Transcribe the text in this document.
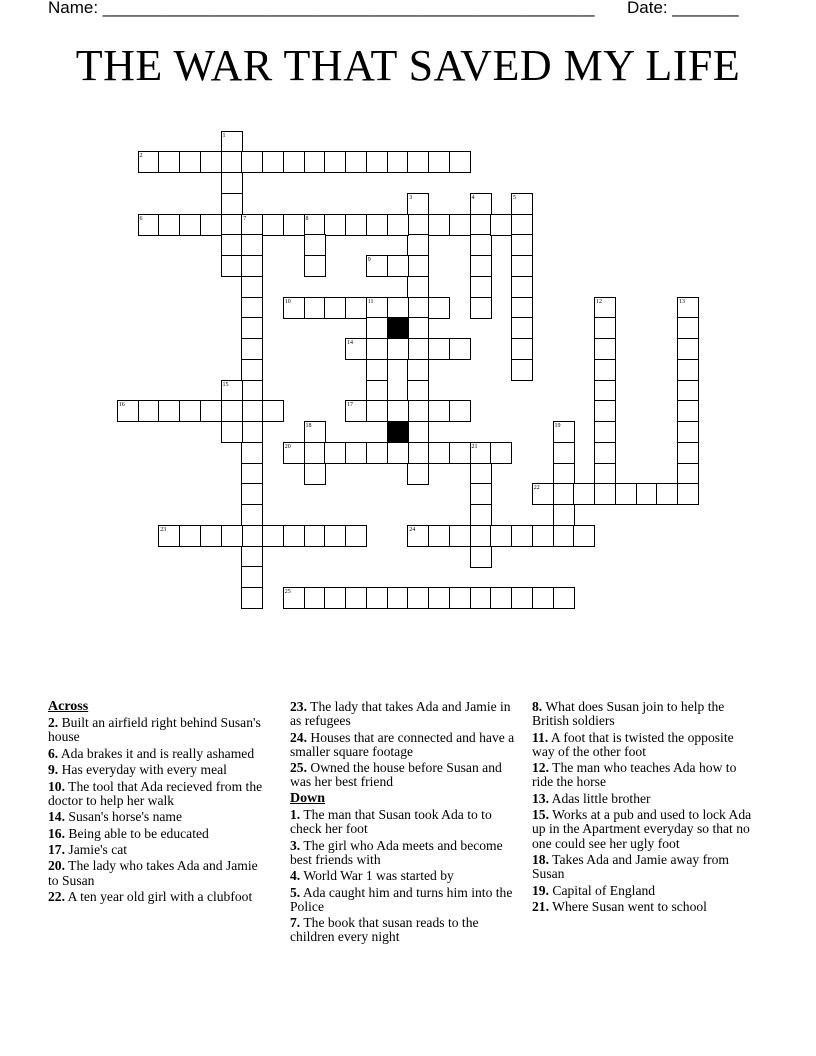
Name: ____________________________________________________ Date: _______
THE WAR THAT SAVED MY LIFE
1
2
3	4	5
6	7	8
9
10	11	12	13
14
15
16	17
18	19
20	21
22
23	24
25
Across
2. Built an airfield right behind Susan's house
6. Ada brakes it and is really ashamed
9. Has everyday with every meal
10. The tool that Ada recieved from the doctor to help her walk
14. Susan's horse's name
16. Being able to be educated
17. Jamie's cat
20. The lady who takes Ada and Jamie to Susan
22. A ten year old girl with a clubfoot
23. The lady that takes Ada and Jamie in as refugees
24. Houses that are connected and have a smaller square footage
25. Owned the house before Susan and was her best friend
Down
1. The man that Susan took Ada to to check her foot
3. The girl who Ada meets and become best friends with
4. World War 1 was started by
5. Ada caught him and turns him into the Police
7. The book that susan reads to the children every night
8. What does Susan join to help the British soldiers
11. A foot that is twisted the opposite way of the other foot
12. The man who teaches Ada how to ride the horse
13. Adas little brother
15. Works at a pub and used to lock Ada up in the Apartment everyday so that no one could see her ugly foot
18. Takes Ada and Jamie away from Susan
19. Capital of England
21. Where Susan went to school
